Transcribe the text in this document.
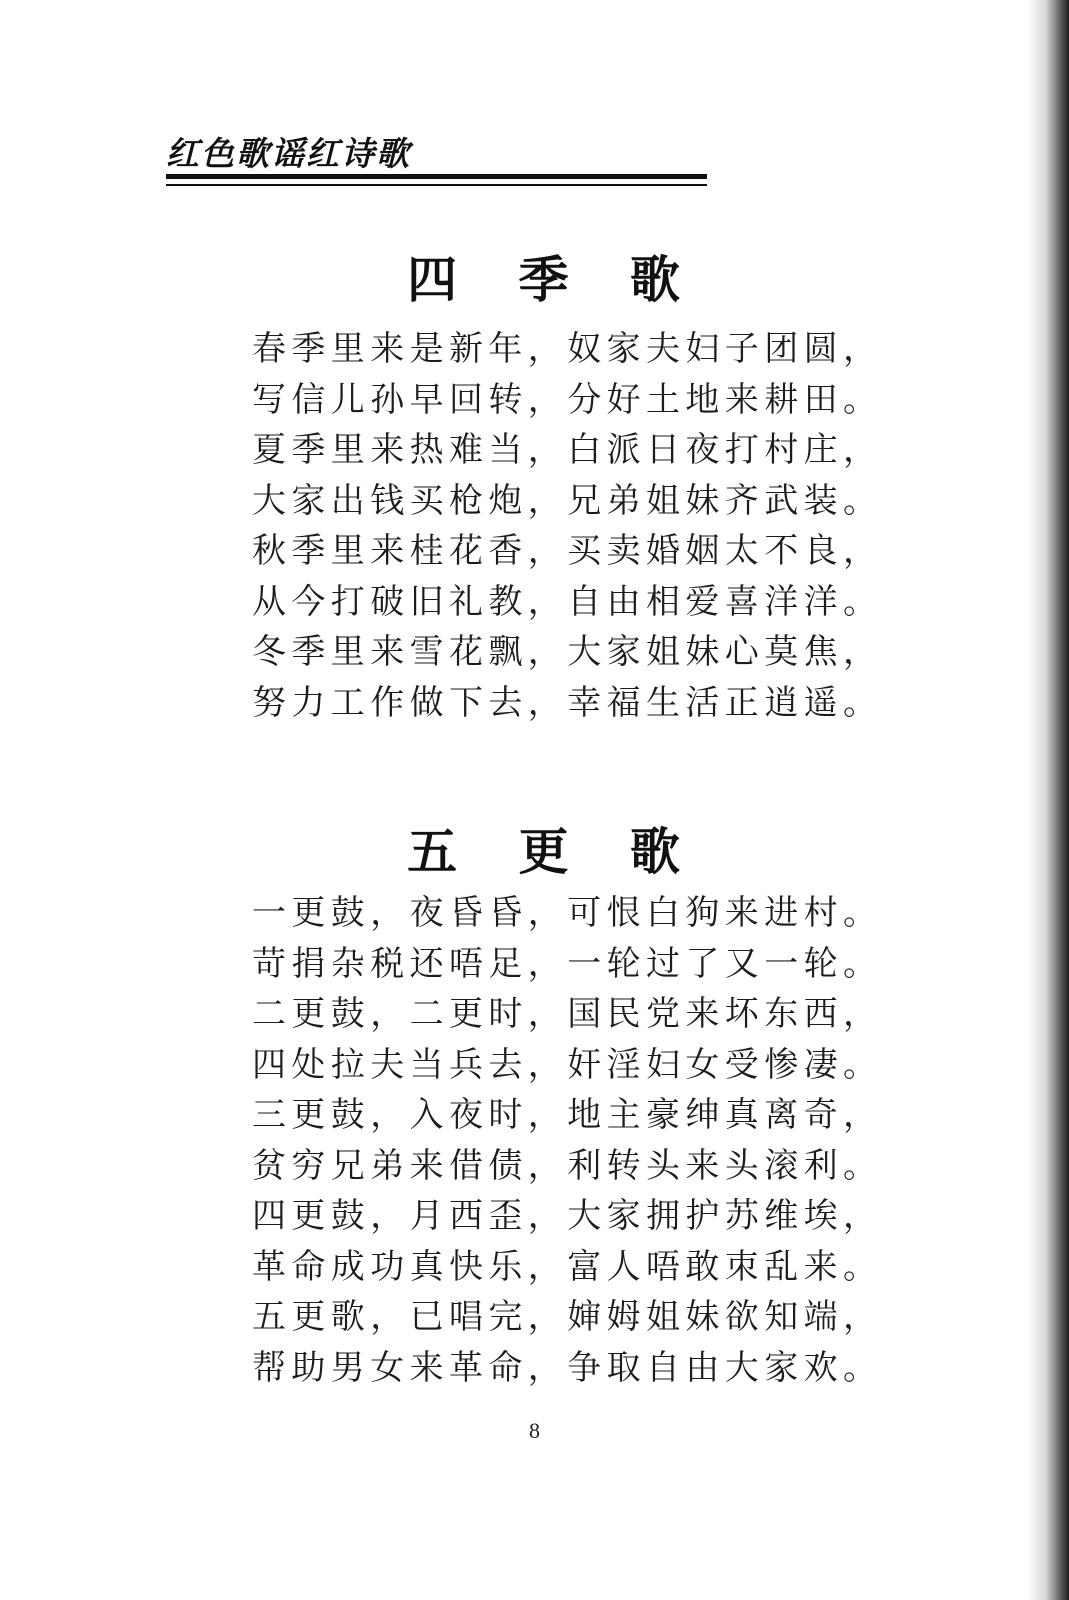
红色歌谣红诗歌
四 季 歌
春季里来是新年，奴家夫妇子团圆，
写信儿孙早回转，分好土地来耕田。
夏季里来热难当，白派日夜打村庄，
大家出钱买枪炮，兄弟姐妹齐武装。
秋季里来桂花香，买卖婚姻太不良，
从今打破旧礼教，自由相爱喜洋洋。
冬季里来雪花飘，大家姐妹心莫焦，
努力工作做下去，幸福生活正逍遥。
五 更 歌
一更鼓，夜昏昏，可恨白狗来进村。
苛捐杂税还唔足，一轮过了又一轮。
二更鼓，二更时，国民党来坏东西，
四处拉夫当兵去，奸淫妇女受惨凄。
三更鼓，入夜时，地主豪绅真离奇，
贫穷兄弟来借债，利转头来头滚利。
四更鼓，月西歪，大家拥护苏维埃，
革命成功真快乐，富人唔敢朿乱来。
五更歌，已唱完，婶姆姐妹欲知端，
帮助男女来革命，争取自由大家欢。
8
